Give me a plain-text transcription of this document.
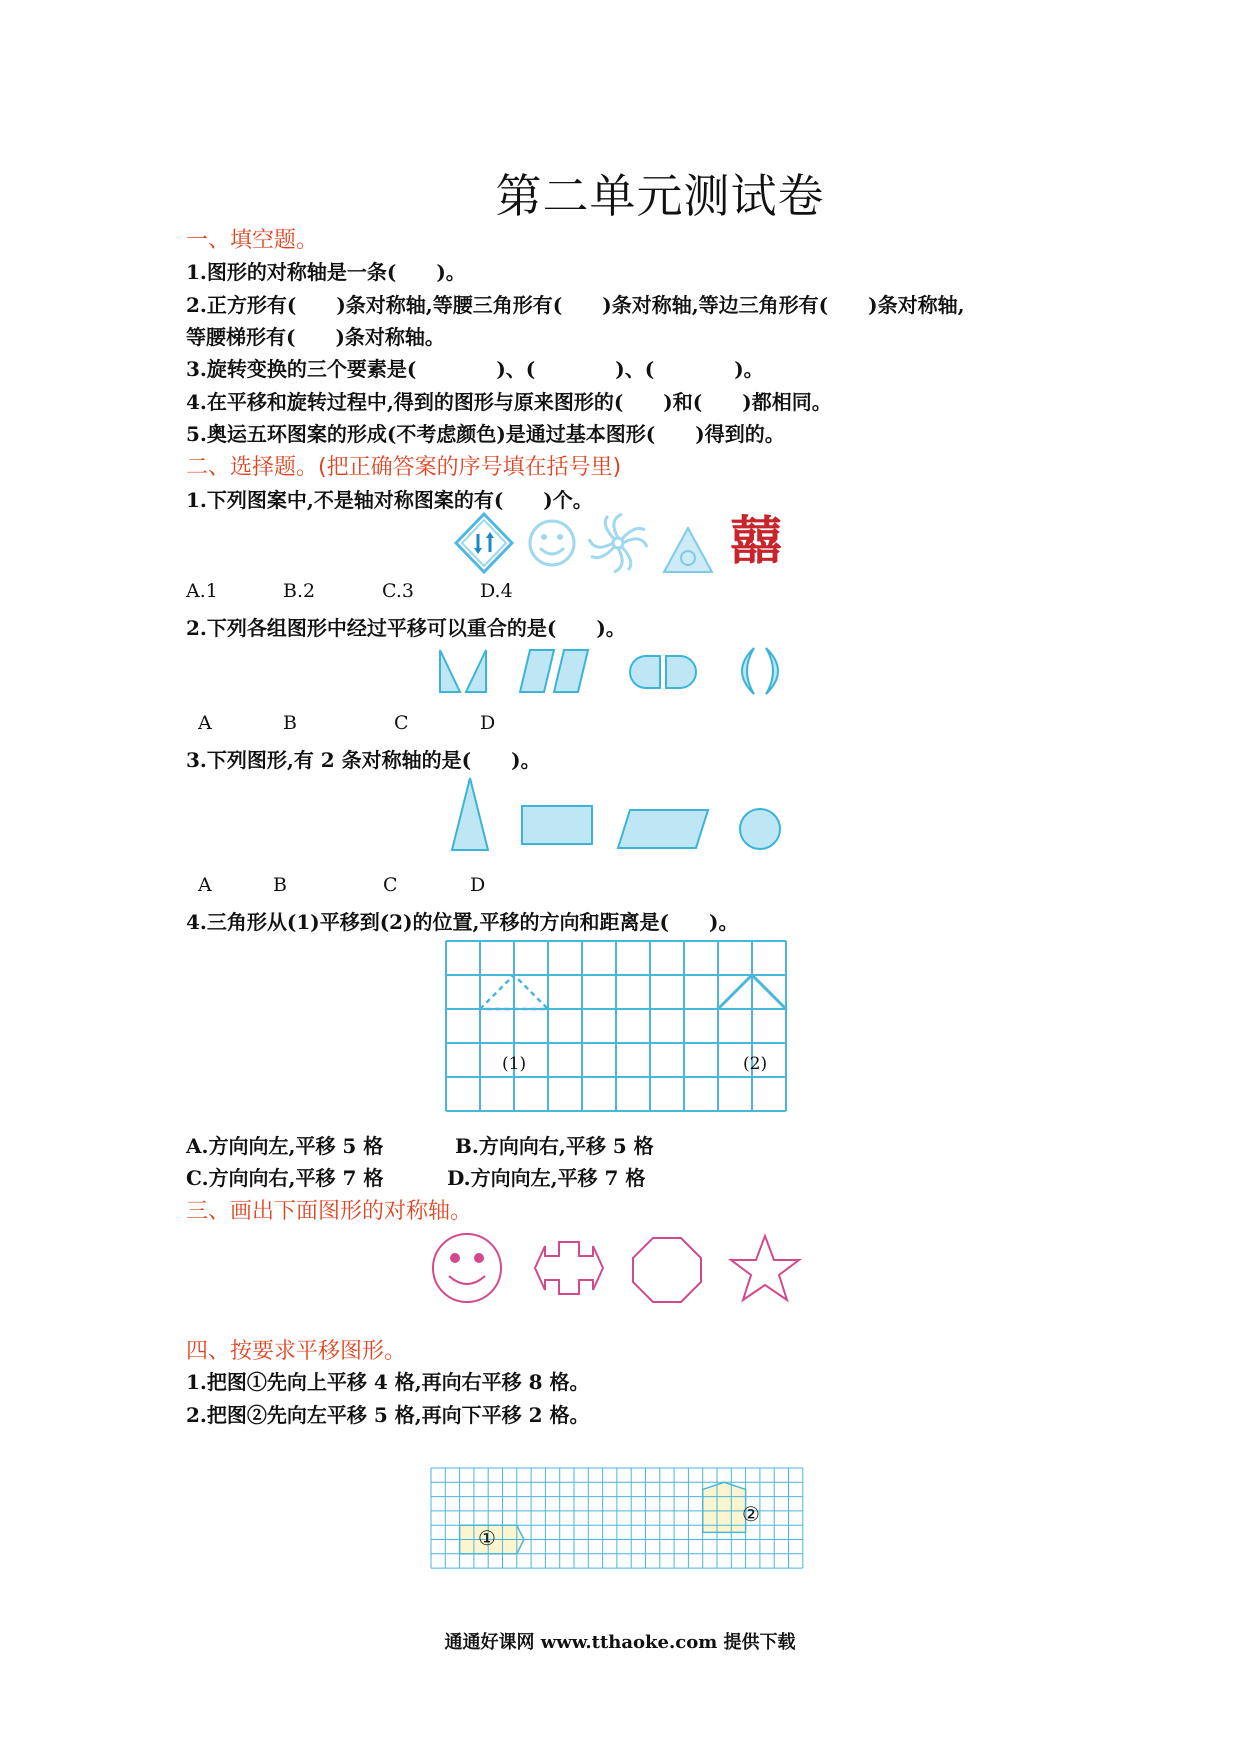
第二单元测试卷
一、填空题。
1.图形的对称轴是一条(　　)。
2.正方形有(　　)条对称轴,等腰三角形有(　　)条对称轴,等边三角形有(　　)条对称轴,
等腰梯形有(　　)条对称轴。
3.旋转变换的三个要素是(　　　　)、(　　　　)、(　　　　)。
4.在平移和旋转过程中,得到的图形与原来图形的(　　)和(　　)都相同。
5.奥运五环图案的形成(不考虑颜色)是通过基本图形(　　)得到的。
二、选择题。(把正确答案的序号填在括号里)
1.下列图案中,不是轴对称图案的有(　　)个。
囍
A.1	B.2	C.3	D.4
2.下列各组图形中经过平移可以重合的是(　　)。
A	B	C	D
3.下列图形,有 2 条对称轴的是(　　)。
A	B	C	D
4.三角形从(1)平移到(2)的位置,平移的方向和距离是(　　)。
(1)	(2)
A.方向向左,平移 5 格	B.方向向右,平移 5 格
C.方向向右,平移 7 格	D.方向向左,平移 7 格
三、画出下面图形的对称轴。
四、按要求平移图形。
1.把图①先向上平移 4 格,再向右平移 8 格。
2.把图②先向左平移 5 格,再向下平移 2 格。
①
②
通通好课网 www.tthaoke.com 提供下载
